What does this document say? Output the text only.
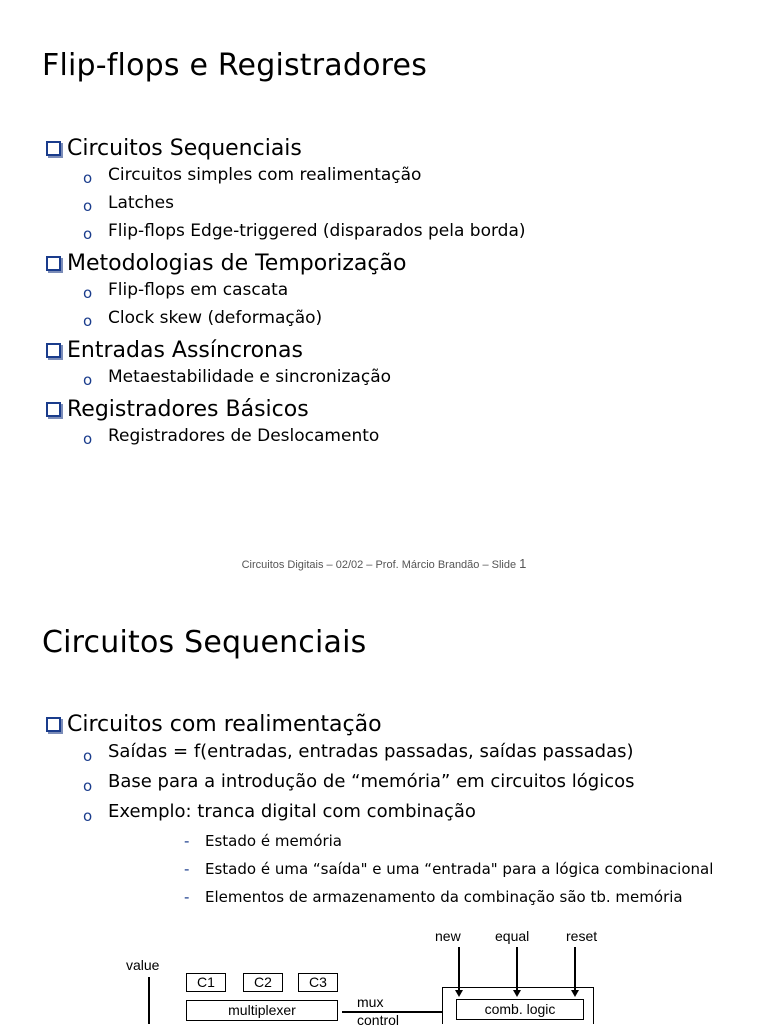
Flip-flops e Registradores
Circuitos Sequenciais
o Circuitos simples com realimentação
o Latches
o Flip-flops Edge-triggered (disparados pela borda)
Metodologias de Temporização
o Flip-flops em cascata
o Clock skew (deformação)
Entradas Assíncronas
o Metaestabilidade e sincronização
Registradores Básicos
o Registradores de Deslocamento
Circuitos Digitais – 02/02 – Prof. Márcio Brandão – Slide 1
Circuitos Sequenciais
Circuitos com realimentação
o Saídas = f(entradas, entradas passadas, saídas passadas)
o Base para a introdução de “memória” em circuitos lógicos
o Exemplo: tranca digital com combinação
- Estado é memória
- Estado é uma “saída" e uma “entrada" para a lógica combinacional
- Elementos de armazenamento da combinação são tb. memória
value
C1	C2	C3
multiplexer	mux
control
new equal	reset
comb. logic
